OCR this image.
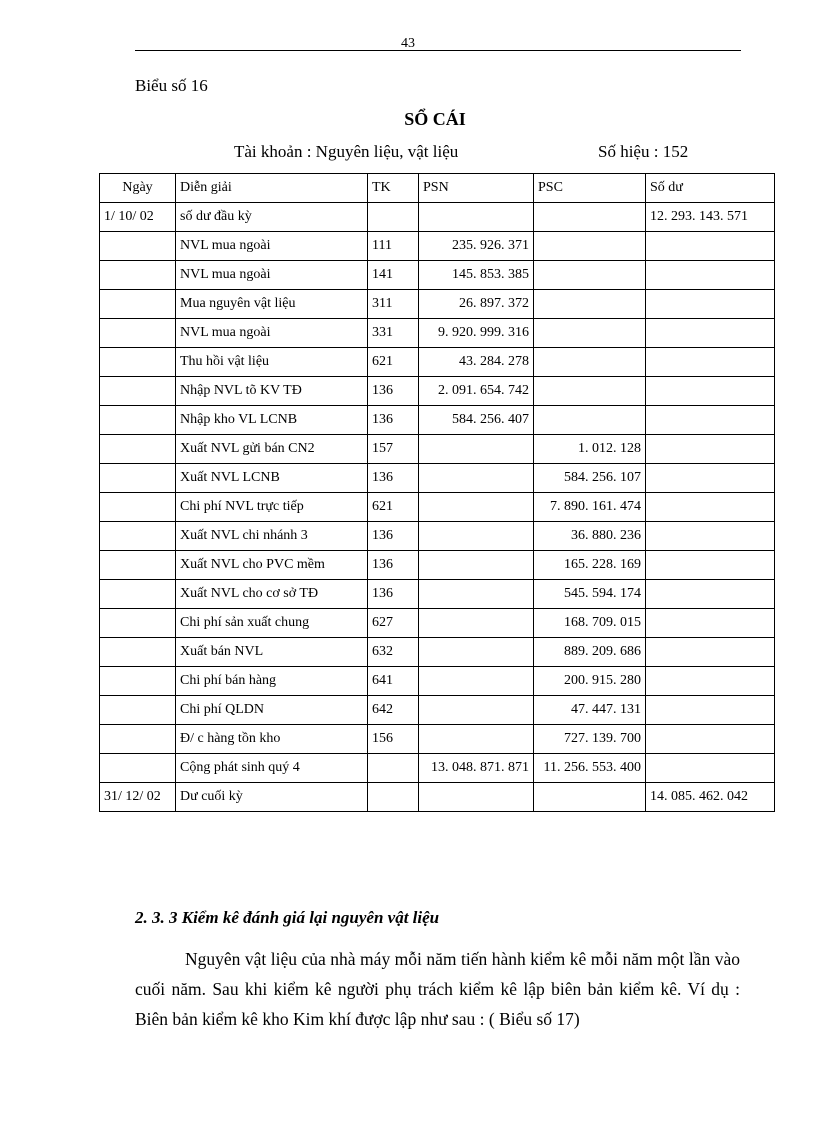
43
Biểu số 16
SỔ CÁI
Tài khoản : Nguyên liệu, vật liệu	Số hiệu : 152
Ngày	Diễn giải	TK	PSN	PSC	Số dư
1/ 10/ 02	số dư đầu kỳ				12. 293. 143. 571
	NVL mua ngoài	111	235. 926. 371		
	NVL mua ngoài	141	145. 853. 385		
	Mua nguyên vật liệu	311	26. 897. 372		
	NVL mua ngoài	331	9. 920. 999. 316		
	Thu hồi vật liệu	621	43. 284. 278		
	Nhập NVL tõ KV TĐ	136	2. 091. 654. 742		
	Nhập kho VL LCNB	136	584. 256. 407		
	Xuất NVL gửi bán CN2	157		1. 012. 128	
	Xuất NVL LCNB	136		584. 256. 107	
	Chi phí NVL trực tiếp	621		7. 890. 161. 474	
	Xuất NVL chi nhánh 3	136		36. 880. 236	
	Xuất NVL cho PVC mềm	136		165. 228. 169	
	Xuất NVL cho cơ sở TĐ	136		545. 594. 174	
	Chi phí sản xuất chung	627		168. 709. 015	
	Xuất bán NVL	632		889. 209. 686	
	Chi phí bán hàng	641		200. 915. 280	
	Chi phí QLDN	642		47. 447. 131	
	Đ/ c hàng tồn kho	156		727. 139. 700	
	Cộng phát sinh quý 4		13. 048. 871. 871	11. 256. 553. 400	
31/ 12/ 02	Dư cuối kỳ				14. 085. 462. 042
2. 3. 3 Kiểm kê đánh giá lại nguyên vật liệu
Nguyên vật liệu của nhà máy mỗi năm tiến hành kiểm kê mỗi năm một lần vào cuối năm. Sau khi kiểm kê người phụ trách kiểm kê lập biên bản kiểm kê. Ví dụ : Biên bản kiểm kê kho Kim khí được lập như sau : ( Biểu số 17)
